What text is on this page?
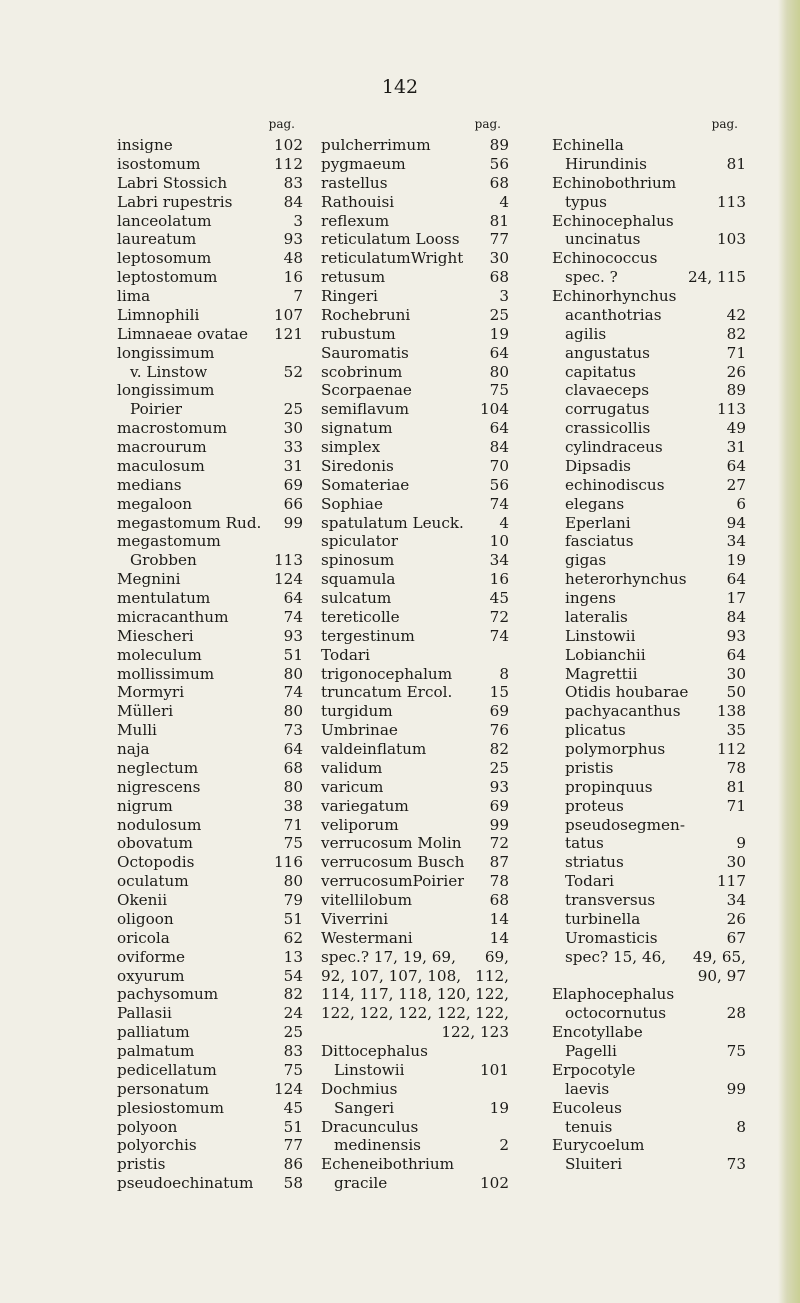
142
pag.
insigne	102
isostomum	112
Labri Stossich	83
Labri rupestris	84
lanceolatum	3
laureatum	93
leptosomum	48
leptostomum	16
lima	7
Limnophili	107
Limnaeae ovatae 121
longissimum
v. Linstow	52
longissimum
Poirier	25
macrostomum	30
macrourum	33
maculosum	31
medians	69
megaloon	66
megastomum Rud. 99
megastomum
Grobben	113
Megnini	124
mentulatum	64
micracanthum	74
Miescheri	93
moleculum	51
mollissimum	80
Mormyri	74
Mülleri	80
Mulli	73
naja	64
neglectum	68
nigrescens	80
nigrum	38
nodulosum	71
obovatum	75
Octopodis	116
oculatum	80
Okenii	79
oligoon	51
oricola	62
oviforme	13
oxyurum	54
pachysomum	82
Pallasii	24
palliatum	25
palmatum	83
pedicellatum	75
personatum	124
plesiostomum	45
polyoon	51
polyorchis	77
pristis	86
pseudoechinatum 58
pag.
pulcherrimum	89
pygmaeum	56
rastellus	68
Rathouisi	4
reflexum	81
reticulatum Looss 77
reticulatumWright 30
retusum	68
Ringeri	3
Rochebruni	25
rubustum	19
Sauromatis	64
scobrinum	80
Scorpaenae	75
semiflavum	104
signatum	64
simplex	84
Siredonis	70
Somateriae	56
Sophiae	74
spatulatum Leuck. 4
spiculator	10
spinosum	34
squamula	16
sulcatum	45
tereticolle	72
tergestinum	74
Todari
trigonocephalum	8
truncatum Ercol. 15
turgidum	69
Umbrinae	76
valdeinflatum	82
validum	25
varicum	93
variegatum	69
veliporum	99
verrucosum Molin 72
verrucosum Busch 87
verrucosumPoirier 78
vitellilobum	68
Viverrini	14
Westermani	14
spec.? 17, 19, 69, 69,
92, 107, 107, 108, 112,
114, 117, 118, 120, 122,
122, 122, 122, 122, 122,
122, 123
Dittocephalus
Linstowii	101
Dochmius
Sangeri	19
Dracunculus
medinensis	2
Echeneibothrium
gracile	102
pag.
Echinella
Hirundinis	81
Echinobothrium
typus	113
Echinocephalus
uncinatus	103
Echinococcus
spec. ?	24, 115
Echinorhynchus
acanthotrias	42
agilis	82
angustatus	71
capitatus	26
clavaeceps	89
corrugatus	113
crassicollis	49
cylindraceus	31
Dipsadis	64
echinodiscus	27
elegans	6
Eperlani	94
fasciatus	34
gigas	19
heterorhynchus	64
ingens	17
lateralis	84
Linstowii	93
Lobianchii	64
Magrettii	30
Otidis houbarae	50
pachyacanthus 138
plicatus	35
polymorphus	112
pristis	78
propinquus	81
proteus	71
pseudosegmen-
tatus	9
striatus	30
Todari	117
transversus	34
turbinella	26
Uromasticis	67
spec? 15, 46, 49, 65,
90, 97
Elaphocephalus
octocornutus	28
Encotyllabe
Pagelli	75
Erpocotyle
laevis	99
Eucoleus
tenuis	8
Eurycoelum
Sluiteri	73
